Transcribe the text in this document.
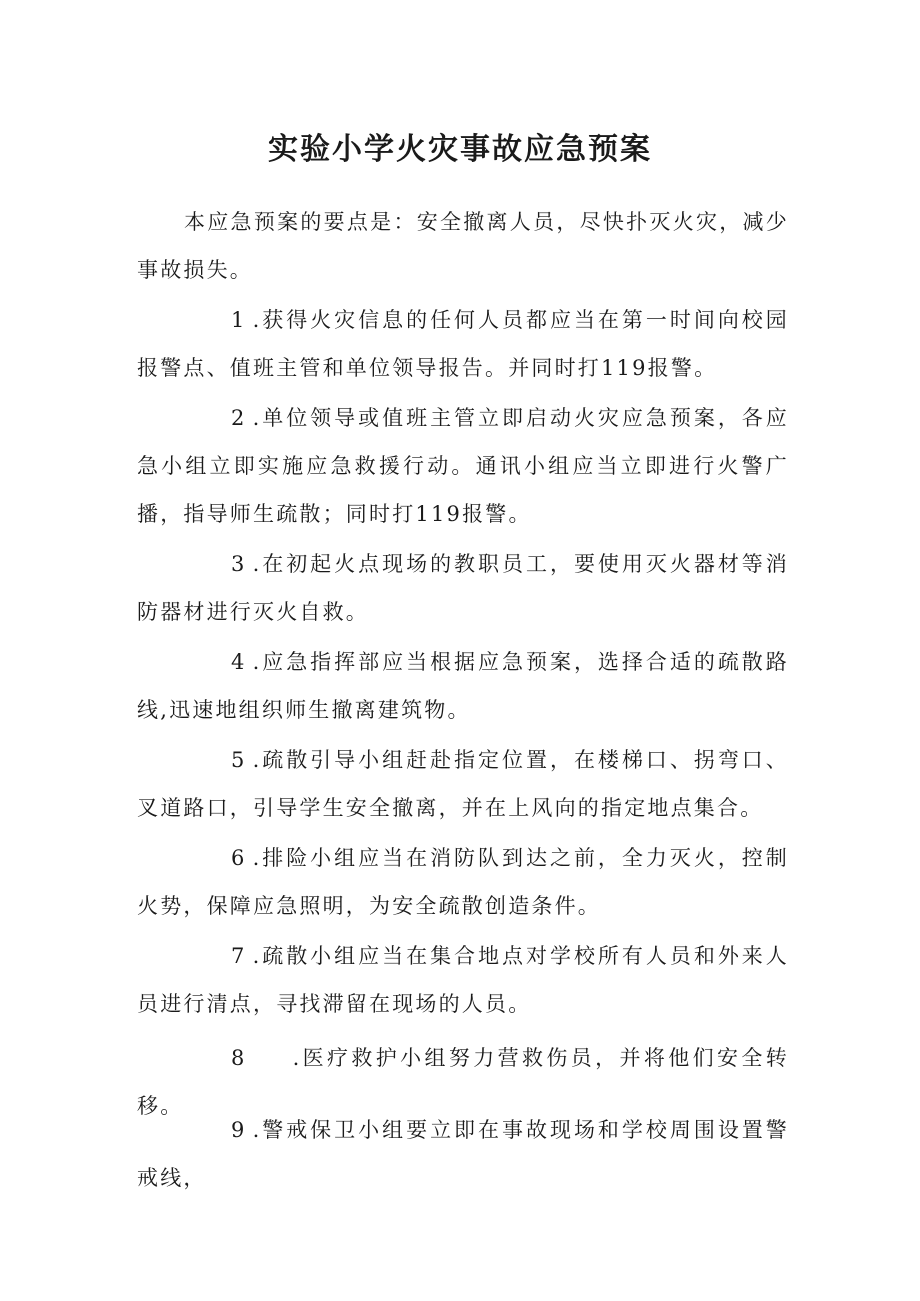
实验小学火灾事故应急预案

本应急预案的要点是：安全撤离人员，尽快扑灭火灾，减少事故损失。

1 .获得火灾信息的任何人员都应当在第一时间向校园报警点、值班主管和单位领导报告。并同时打119报警。

2 .单位领导或值班主管立即启动火灾应急预案，各应急小组立即实施应急救援行动。通讯小组应当立即进行火警广播，指导师生疏散；同时打119报警。

3 .在初起火点现场的教职员工，要使用灭火器材等消防器材进行灭火自救。

4 .应急指挥部应当根据应急预案，选择合适的疏散路线,迅速地组织师生撤离建筑物。

5 .疏散引导小组赶赴指定位置，在楼梯口、拐弯口、叉道路口，引导学生安全撤离，并在上风向的指定地点集合。

6 .排险小组应当在消防队到达之前，全力灭火，控制火势，保障应急照明，为安全疏散创造条件。

7 .疏散小组应当在集合地点对学校所有人员和外来人员进行清点，寻找滞留在现场的人员。

8 .医疗救护小组努力营救伤员，并将他们安全转移。

9 .警戒保卫小组要立即在事故现场和学校周围设置警戒线，
